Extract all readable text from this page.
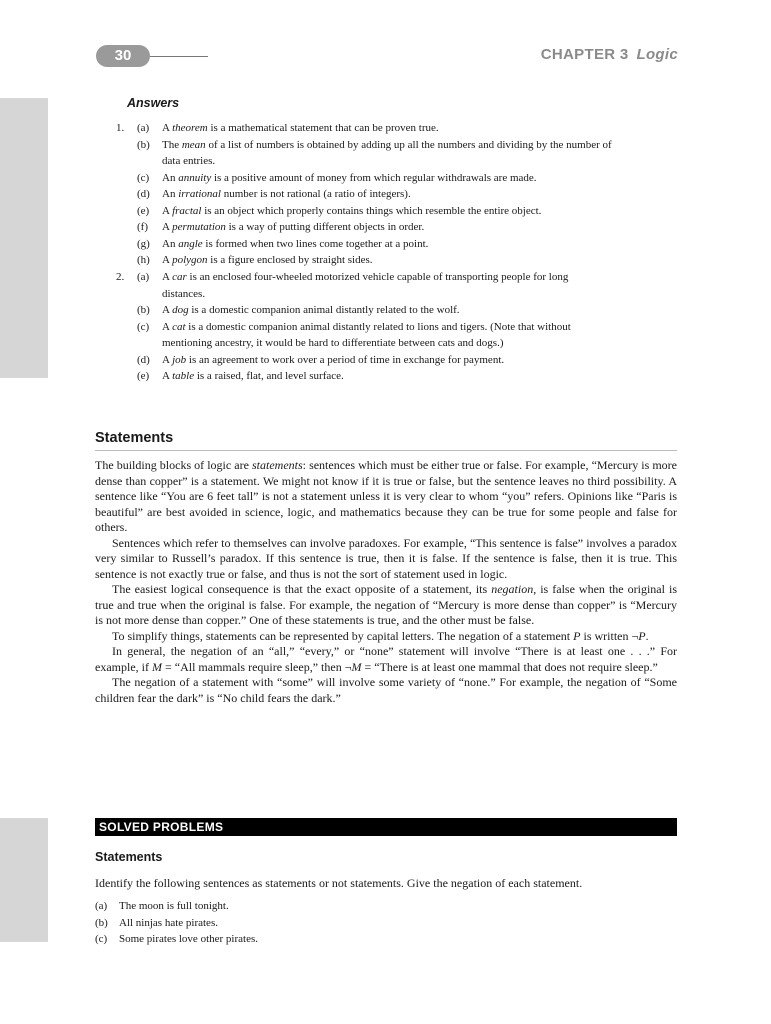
30	CHAPTER 3 Logic
Answers
1.	(a)	A theorem is a mathematical statement that can be proven true.
(b)	The mean of a list of numbers is obtained by adding up all the numbers and dividing by the number of
data entries.
(c)	An annuity is a positive amount of money from which regular withdrawals are made.
(d)	An irrational number is not rational (a ratio of integers).
(e)	A fractal is an object which properly contains things which resemble the entire object.
(f)	A permutation is a way of putting different objects in order.
(g)	An angle is formed when two lines come together at a point.
(h)	A polygon is a figure enclosed by straight sides.
2.	(a)	A car is an enclosed four-wheeled motorized vehicle capable of transporting people for long
distances.
(b)	A dog is a domestic companion animal distantly related to the wolf.
(c)	A cat is a domestic companion animal distantly related to lions and tigers. (Note that without
mentioning ancestry, it would be hard to differentiate between cats and dogs.)
(d)	A job is an agreement to work over a period of time in exchange for payment.
(e)	A table is a raised, flat, and level surface.
Statements

The building blocks of logic are statements: sentences which must be either true or false. For example, “Mercury is more dense than copper” is a statement. We might not know if it is true or false, but the sentence leaves no third possibility. A sentence like “You are 6 feet tall” is not a statement unless it is very clear to whom “you” refers. Opinions like “Paris is beautiful” are best avoided in science, logic, and mathematics because they can be true for some people and false for others.

Sentences which refer to themselves can involve paradoxes. For example, “This sentence is false” involves a paradox very similar to Russell’s paradox. If this sentence is true, then it is false. If the sentence is false, then it is true. This sentence is not exactly true or false, and thus is not the sort of statement used in logic.

The easiest logical consequence is that the exact opposite of a statement, its negation, is false when the original is true and true when the original is false. For example, the negation of “Mercury is more dense than copper” is “Mercury is not more dense than copper.” One of these statements is true, and the other must be false.

To simplify things, statements can be represented by capital letters. The negation of a statement P is written ¬P.

In general, the negation of an “all,” “every,” or “none” statement will involve “There is at least one . . .” For example, if M = “All mammals require sleep,” then ¬M = “There is at least one mammal that does not require sleep.”

The negation of a statement with “some” will involve some variety of “none.” For example, the negation of “Some children fear the dark” is “No child fears the dark.”

SOLVED PROBLEMS
Statements
Identify the following sentences as statements or not statements. Give the negation of each statement.
(a)	The moon is full tonight.
(b)	All ninjas hate pirates.
(c)	Some pirates love other pirates.
